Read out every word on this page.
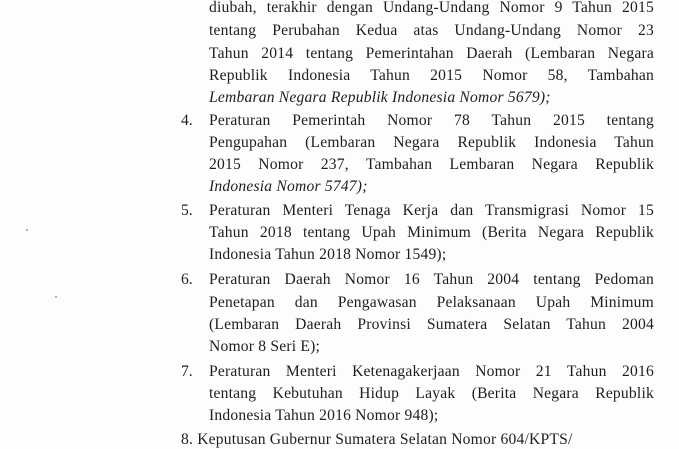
diubah, terakhir dengan Undang-Undang Nomor 9 Tahun 2015
tentang Perubahan Kedua atas Undang-Undang Nomor 23
Tahun 2014 tentang Pemerintahan Daerah (Lembaran Negara
Republik Indonesia Tahun 2015 Nomor 58, Tambahan
Lembaran Negara Republik Indonesia Nomor 5679);
4. Peraturan Pemerintah Nomor 78 Tahun 2015 tentang
Pengupahan (Lembaran Negara Republik Indonesia Tahun
2015 Nomor 237, Tambahan Lembaran Negara Republik
Indonesia Nomor 5747);
5. Peraturan Menteri Tenaga Kerja dan Transmigrasi Nomor 15
Tahun 2018 tentang Upah Minimum (Berita Negara Republik
Indonesia Tahun 2018 Nomor 1549);
6. Peraturan Daerah Nomor 16 Tahun 2004 tentang Pedoman
Penetapan dan Pengawasan Pelaksanaan Upah Minimum
(Lembaran Daerah Provinsi Sumatera Selatan Tahun 2004
Nomor 8 Seri E);
7. Peraturan Menteri Ketenagakerjaan Nomor 21 Tahun 2016
tentang Kebutuhan Hidup Layak (Berita Negara Republik
Indonesia Tahun 2016 Nomor 948);
8. Keputusan Gubernur Sumatera Selatan Nomor 604/KPTS/
